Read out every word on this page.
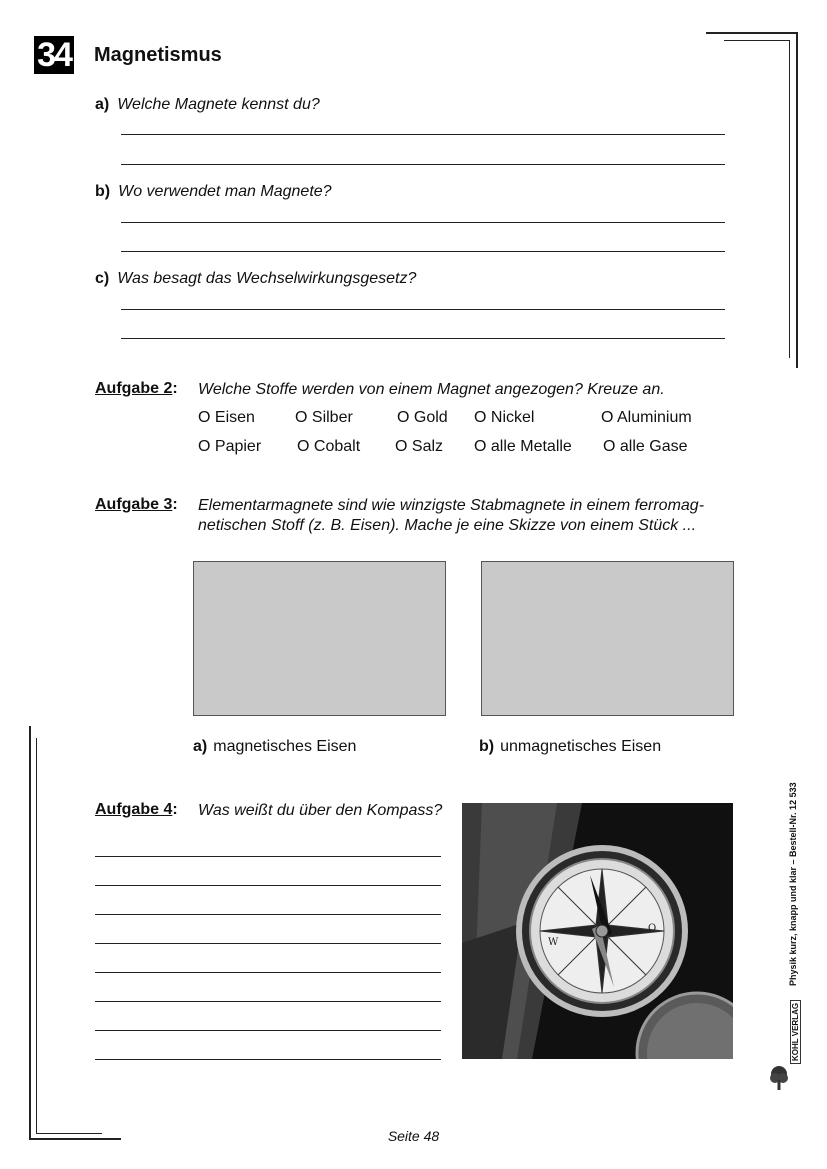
34 Magnetismus
a) Welche Magnete kennst du?
b) Wo verwendet man Magnete?
c) Was besagt das Wechselwirkungsgesetz?
Aufgabe 2: Welche Stoffe werden von einem Magnet angezogen? Kreuze an.
O Eisen	O Silber	O Gold O Nickel	O Aluminium
O Papier O Cobalt O Salz O alle Metalle O alle Gase
Aufgabe 3: Elementarmagnete sind wie winzigste Stabmagnete in einem ferromag-
netischen Stoff (z. B. Eisen). Mache je eine Skizze von einem Stück ...
a) magnetisches Eisen	b) unmagnetisches Eisen
Aufgabe 4: Was weißt du über den Kompass?
W
O	Physik kurz, knapp und klar – Bestell-Nr. 12 533
KOHL VERLAG
Seite 48
